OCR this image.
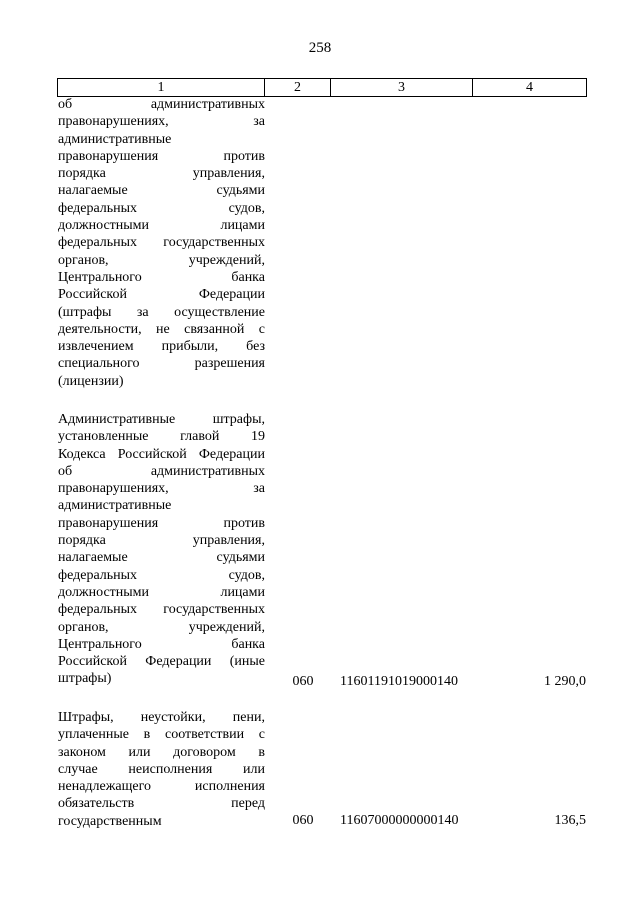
258
1	2	3	4
об административных
правонарушениях, за
административные
правонарушения против
порядка управления,
налагаемые судьями
федеральных судов,
должностными лицами
федеральных государственных
органов, учреждений,
Центрального банка
Российской Федерации
(штрафы за осуществление
деятельности, не связанной с
извлечением прибыли, без
специального разрешения
(лицензии)
Административные штрафы,
установленные главой 19
Кодекса Российской Федерации
об административных
правонарушениях, за
административные
правонарушения против
порядка управления,
налагаемые судьями
федеральных судов,
должностными лицами
федеральных государственных
органов, учреждений,
Центрального банка
Российской Федерации (иные
штрафы)	060	11601191019000140	1 290,0
Штрафы, неустойки, пени,
уплаченные в соответствии с
законом или договором в
случае неисполнения или
ненадлежащего исполнения
обязательств перед
государственным	060	11607000000000140	136,5
